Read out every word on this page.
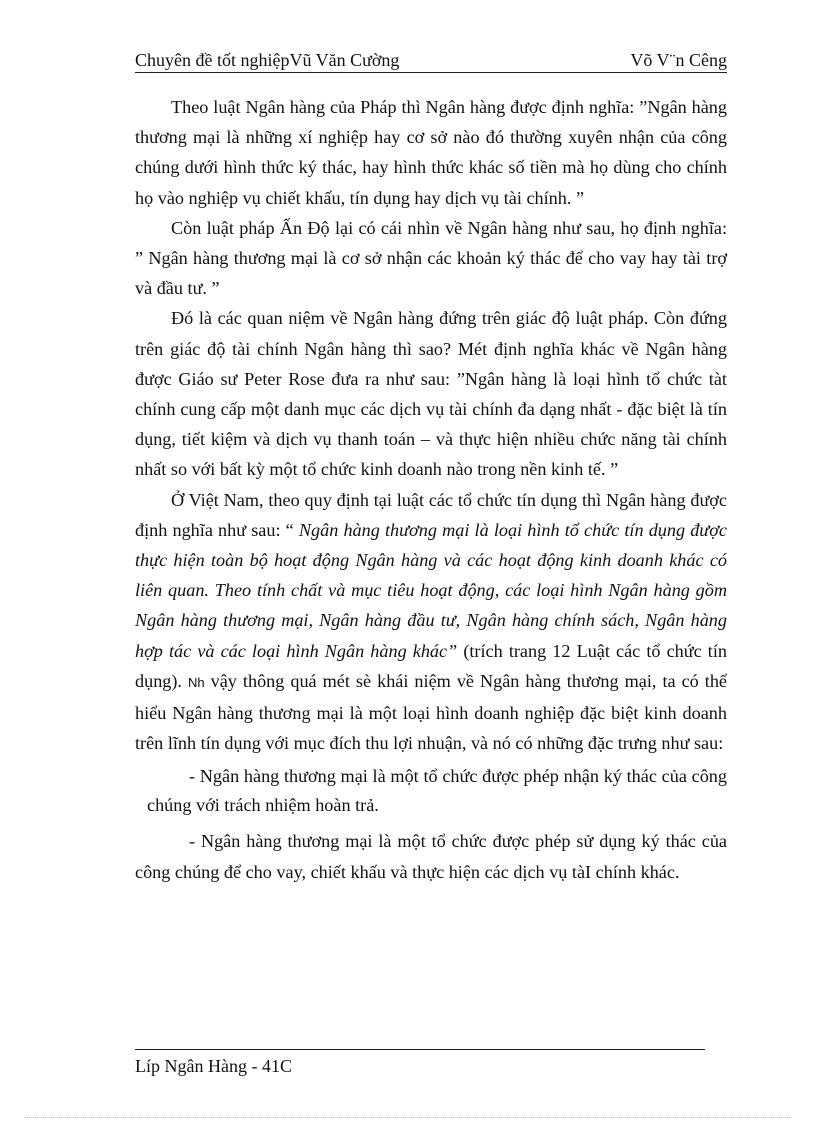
Chuyên đề tốt nghiệpVũ Văn Cường	Võ V¨n Cêng

Theo luật Ngân hàng của Pháp thì Ngân hàng được định nghĩa: ”Ngân hàng thương mại là những xí nghiệp hay cơ sở nào đó thường xuyên nhận của công chúng dưới hình thức ký thác, hay hình thức khác số tiền mà họ dùng cho chính họ vào nghiệp vụ chiết khấu, tín dụng hay dịch vụ tài chính. ”

Còn luật pháp Ấn Độ lại có cái nhìn về Ngân hàng như sau, họ định nghĩa: ” Ngân hàng thương mại là cơ sở nhận các khoản ký thác để cho vay hay tài trợ và đầu tư. ”

Đó là các quan niệm về Ngân hàng đứng trên giác độ luật pháp. Còn đứng trên giác độ tài chính Ngân hàng thì sao? Mét định nghĩa khác về Ngân hàng được Giáo sư Peter Rose đưa ra như sau: ”Ngân hàng là loại hình tổ chức tàt chính cung cấp một danh mục các dịch vụ tài chính đa dạng nhất - đặc biệt là tín dụng, tiết kiệm và dịch vụ thanh toán – và thực hiện nhiều chức năng tài chính nhất so với bất kỳ một tổ chức kinh doanh nào trong nền kinh tế. ”

Ở Việt Nam, theo quy định tại luật các tổ chức tín dụng thì Ngân hàng được định nghĩa như sau: “ Ngân hàng thương mại là loại hình tổ chức tín dụng được thực hiện toàn bộ hoạt động Ngân hàng và các hoạt động kinh doanh khác có liên quan. Theo tính chất và mục tiêu hoạt động, các loại hình Ngân hàng gồm Ngân hàng thương mại, Ngân hàng đầu tư, Ngân hàng chính sách, Ngân hàng hợp tác và các loại hình Ngân hàng khác” (trích trang 12 Luật các tổ chức tín dụng). Nh vậy thông quá mét sè khái niệm về Ngân hàng thương mại, ta có thể hiểu Ngân hàng thương mại là một loại hình doanh nghiệp đặc biệt kinh doanh trên lĩnh tín dụng với mục đích thu lợi nhuận, và nó có những đặc trưng như sau:

- Ngân hàng thương mại là một tổ chức được phép nhận ký thác của công chúng với trách nhiệm hoàn trả.

- Ngân hàng thương mại là một tổ chức được phép sử dụng ký thác của công chúng để cho vay, chiết khấu và thực hiện các dịch vụ tàI chính khác.

Líp Ngân Hàng - 41C
